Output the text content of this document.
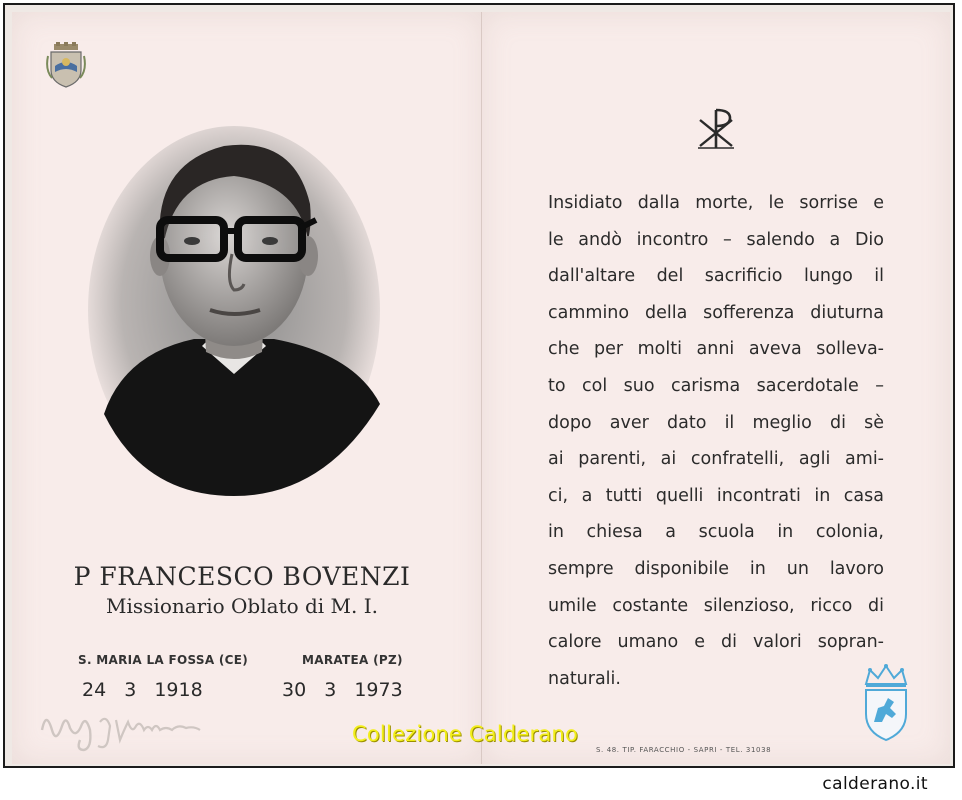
P FRANCESCO BOVENZI
Missionario Oblato di M. I.
S. MARIA LA FOSSA (CE)
24 3 1918
MARATEA (PZ)
30 3 1973
Insidiato dalla morte, le sorrise e
le andò incontro – salendo a Dio
dall'altare del sacrificio lungo il
cammino della sofferenza diuturna
che per molti anni aveva sollevа-
to col suo carisma sacerdotale –
dopo aver dato il meglio di sè
ai parenti, ai confratelli, agli ami-
ci, a tutti quelli incontrati in casa
in chiesa a scuola in colonia,
sempre disponibile in un lavoro
umile costante silenzioso, ricco di
calore umano e di valori sopran-
naturali.
S. 48. TIP. FARACCHIO - SAPRI - TEL. 31038
Collezione Calderano
calderano.it
